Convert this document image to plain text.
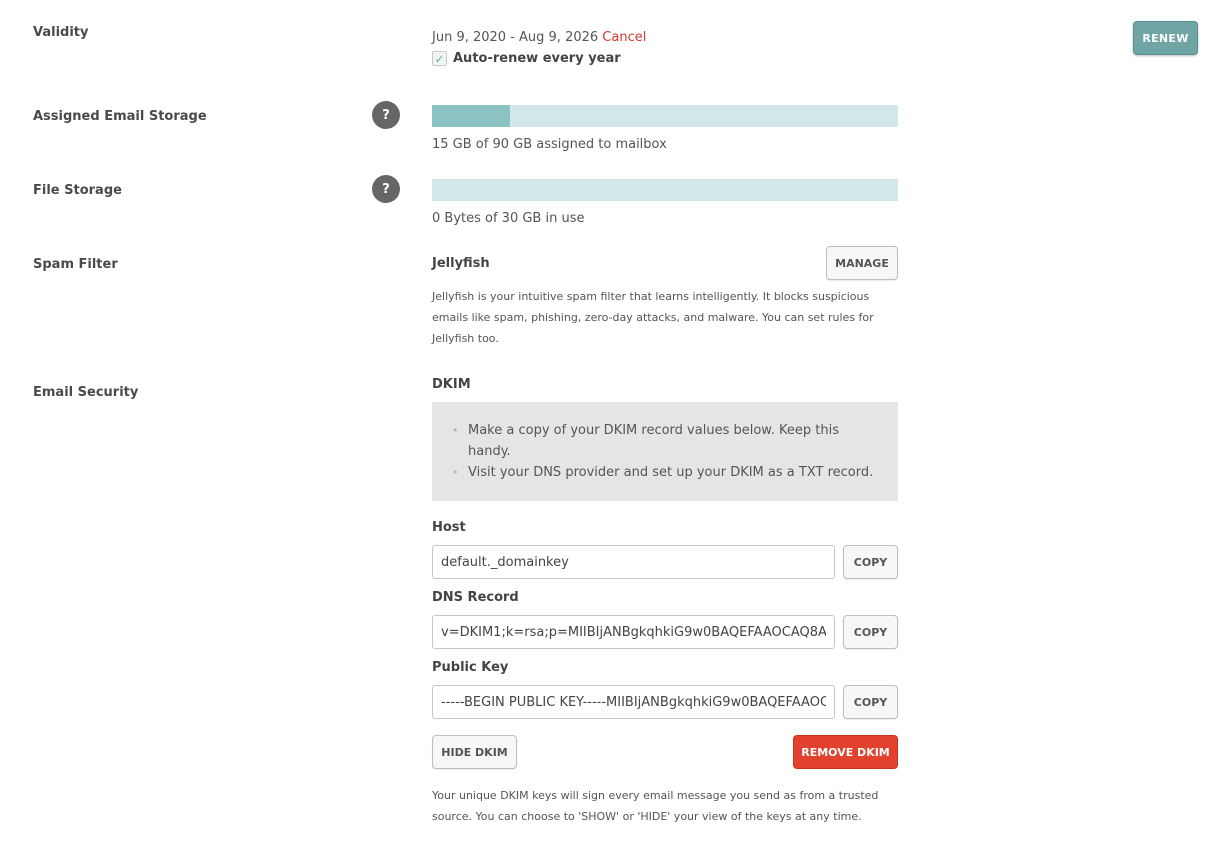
Validity	Jun 9, 2020 - Aug 9, 2026 Cancel
✓ Auto-renew every year
RENEW
Assigned Email Storage	?
15 GB of 90 GB assigned to mailbox
File Storage	?
0 Bytes of 30 GB in use
Spam Filter	Jellyfish	MANAGE

Jellyfish is your intuitive spam filter that learns intelligently. It blocks suspicious emails like spam, phishing, zero-day attacks, and malware. You can set rules for Jellyfish too.

Email Security
DKIM
• Make a copy of your DKIM record values below. Keep this handy.
• Visit your DNS provider and set up your DKIM as a TXT record.
Host
default._domainkey
COPY
DNS Record
v=DKIM1;k=rsa;p=MIIBIjANBgkqhkiG9w0BAQEFAAOCAQ8AMIIBCgKCAQEA
COPY
Public Key
-----BEGIN PUBLIC KEY-----MIIBIjANBgkqhkiG9w0BAQEFAAOCAQ8A
COPY
HIDE DKIM	REMOVE DKIM

Your unique DKIM keys will sign every email message you send as from a trusted source. You can choose to 'SHOW' or 'HIDE' your view of the keys at any time.
